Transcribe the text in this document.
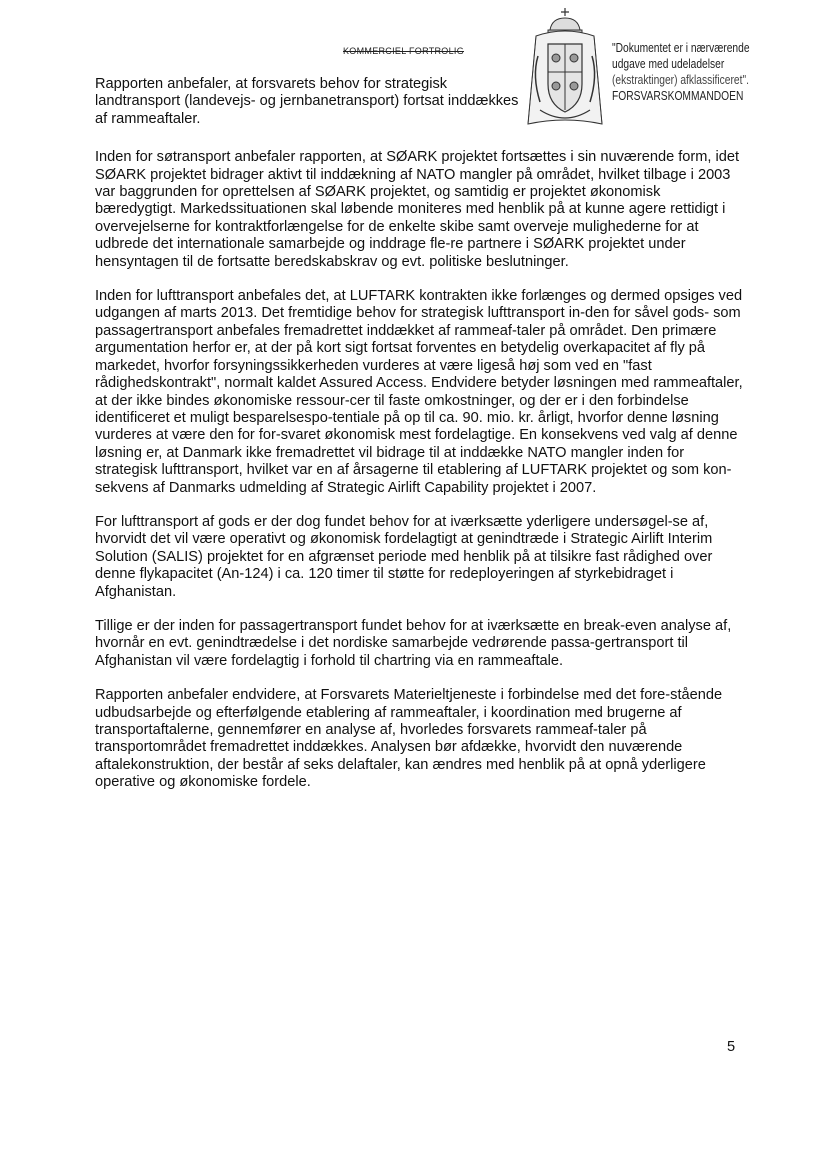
KOMMERCIEL FORTROLIG	"Dokumentet er i nærværende
udgave med udeladelser
(ekstraktinger) afklassificeret".
FORSVARSKOMMANDOEN

Rapporten anbefaler, at forsvarets behov for strategisk landtransport (landevejs- og jernbanetransport) fortsat inddækkes af rammeaftaler.

Inden for søtransport anbefaler rapporten, at SØARK projektet fortsættes i sin nuværende form, idet SØARK projektet bidrager aktivt til inddækning af NATO mangler på området, hvilket tilbage i 2003 var baggrunden for oprettelsen af SØARK projektet, og samtidig er projektet økonomisk bæredygtigt. Markedssituationen skal løbende moniteres med henblik på at kunne agere rettidigt i overvejelserne for kontraktforlængelse for de enkelte skibe samt overveje mulighederne for at udbrede det internationale samarbejde og inddrage fle-re partnere i SØARK projektet under hensyntagen til de fortsatte beredskabskrav og evt. politiske beslutninger.

Inden for lufttransport anbefales det, at LUFTARK kontrakten ikke forlænges og dermed opsiges ved udgangen af marts 2013. Det fremtidige behov for strategisk lufttransport in-den for såvel gods- som passagertransport anbefales fremadrettet inddækket af rammeaf-taler på området. Den primære argumentation herfor er, at der på kort sigt fortsat forventes en betydelig overkapacitet af fly på markedet, hvorfor forsyningssikkerheden vurderes at være ligeså høj som ved en "fast rådighedskontrakt", normalt kaldet Assured Access. Endvidere betyder løsningen med rammeaftaler, at der ikke bindes økonomiske ressour-cer til faste omkostninger, og der er i den forbindelse identificeret et muligt besparelsespo-tentiale på op til ca. 90. mio. kr. årligt, hvorfor denne løsning vurderes at være den for for-svaret økonomisk mest fordelagtige. En konsekvens ved valg af denne løsning er, at Danmark ikke fremadrettet vil bidrage til at inddække NATO mangler inden for strategisk lufttransport, hvilket var en af årsagerne til etablering af LUFTARK projektet og som kon-sekvens af Danmarks udmelding af Strategic Airlift Capability projektet i 2007.

For lufttransport af gods er der dog fundet behov for at iværksætte yderligere undersøgel-se af, hvorvidt det vil være operativt og økonomisk fordelagtigt at genindtræde i Strategic Airlift Interim Solution (SALIS) projektet for en afgrænset periode med henblik på at tilsikre fast rådighed over denne flykapacitet (An-124) i ca. 120 timer til støtte for redeployeringen af styrkebidraget i Afghanistan.

Tillige er der inden for passagertransport fundet behov for at iværksætte en break-even analyse af, hvornår en evt. genindtrædelse i det nordiske samarbejde vedrørende passa-gertransport til Afghanistan vil være fordelagtig i forhold til chartring via en rammeaftale.

Rapporten anbefaler endvidere, at Forsvarets Materieltjeneste i forbindelse med det fore-stående udbudsarbejde og efterfølgende etablering af rammeaftaler, i koordination med brugerne af transportaftalerne, gennemfører en analyse af, hvorledes forsvarets rammeaf-taler på transportområdet fremadrettet inddækkes. Analysen bør afdække, hvorvidt den nuværende aftalekonstruktion, der består af seks delaftaler, kan ændres med henblik på at opnå yderligere operative og økonomiske fordele.

5
